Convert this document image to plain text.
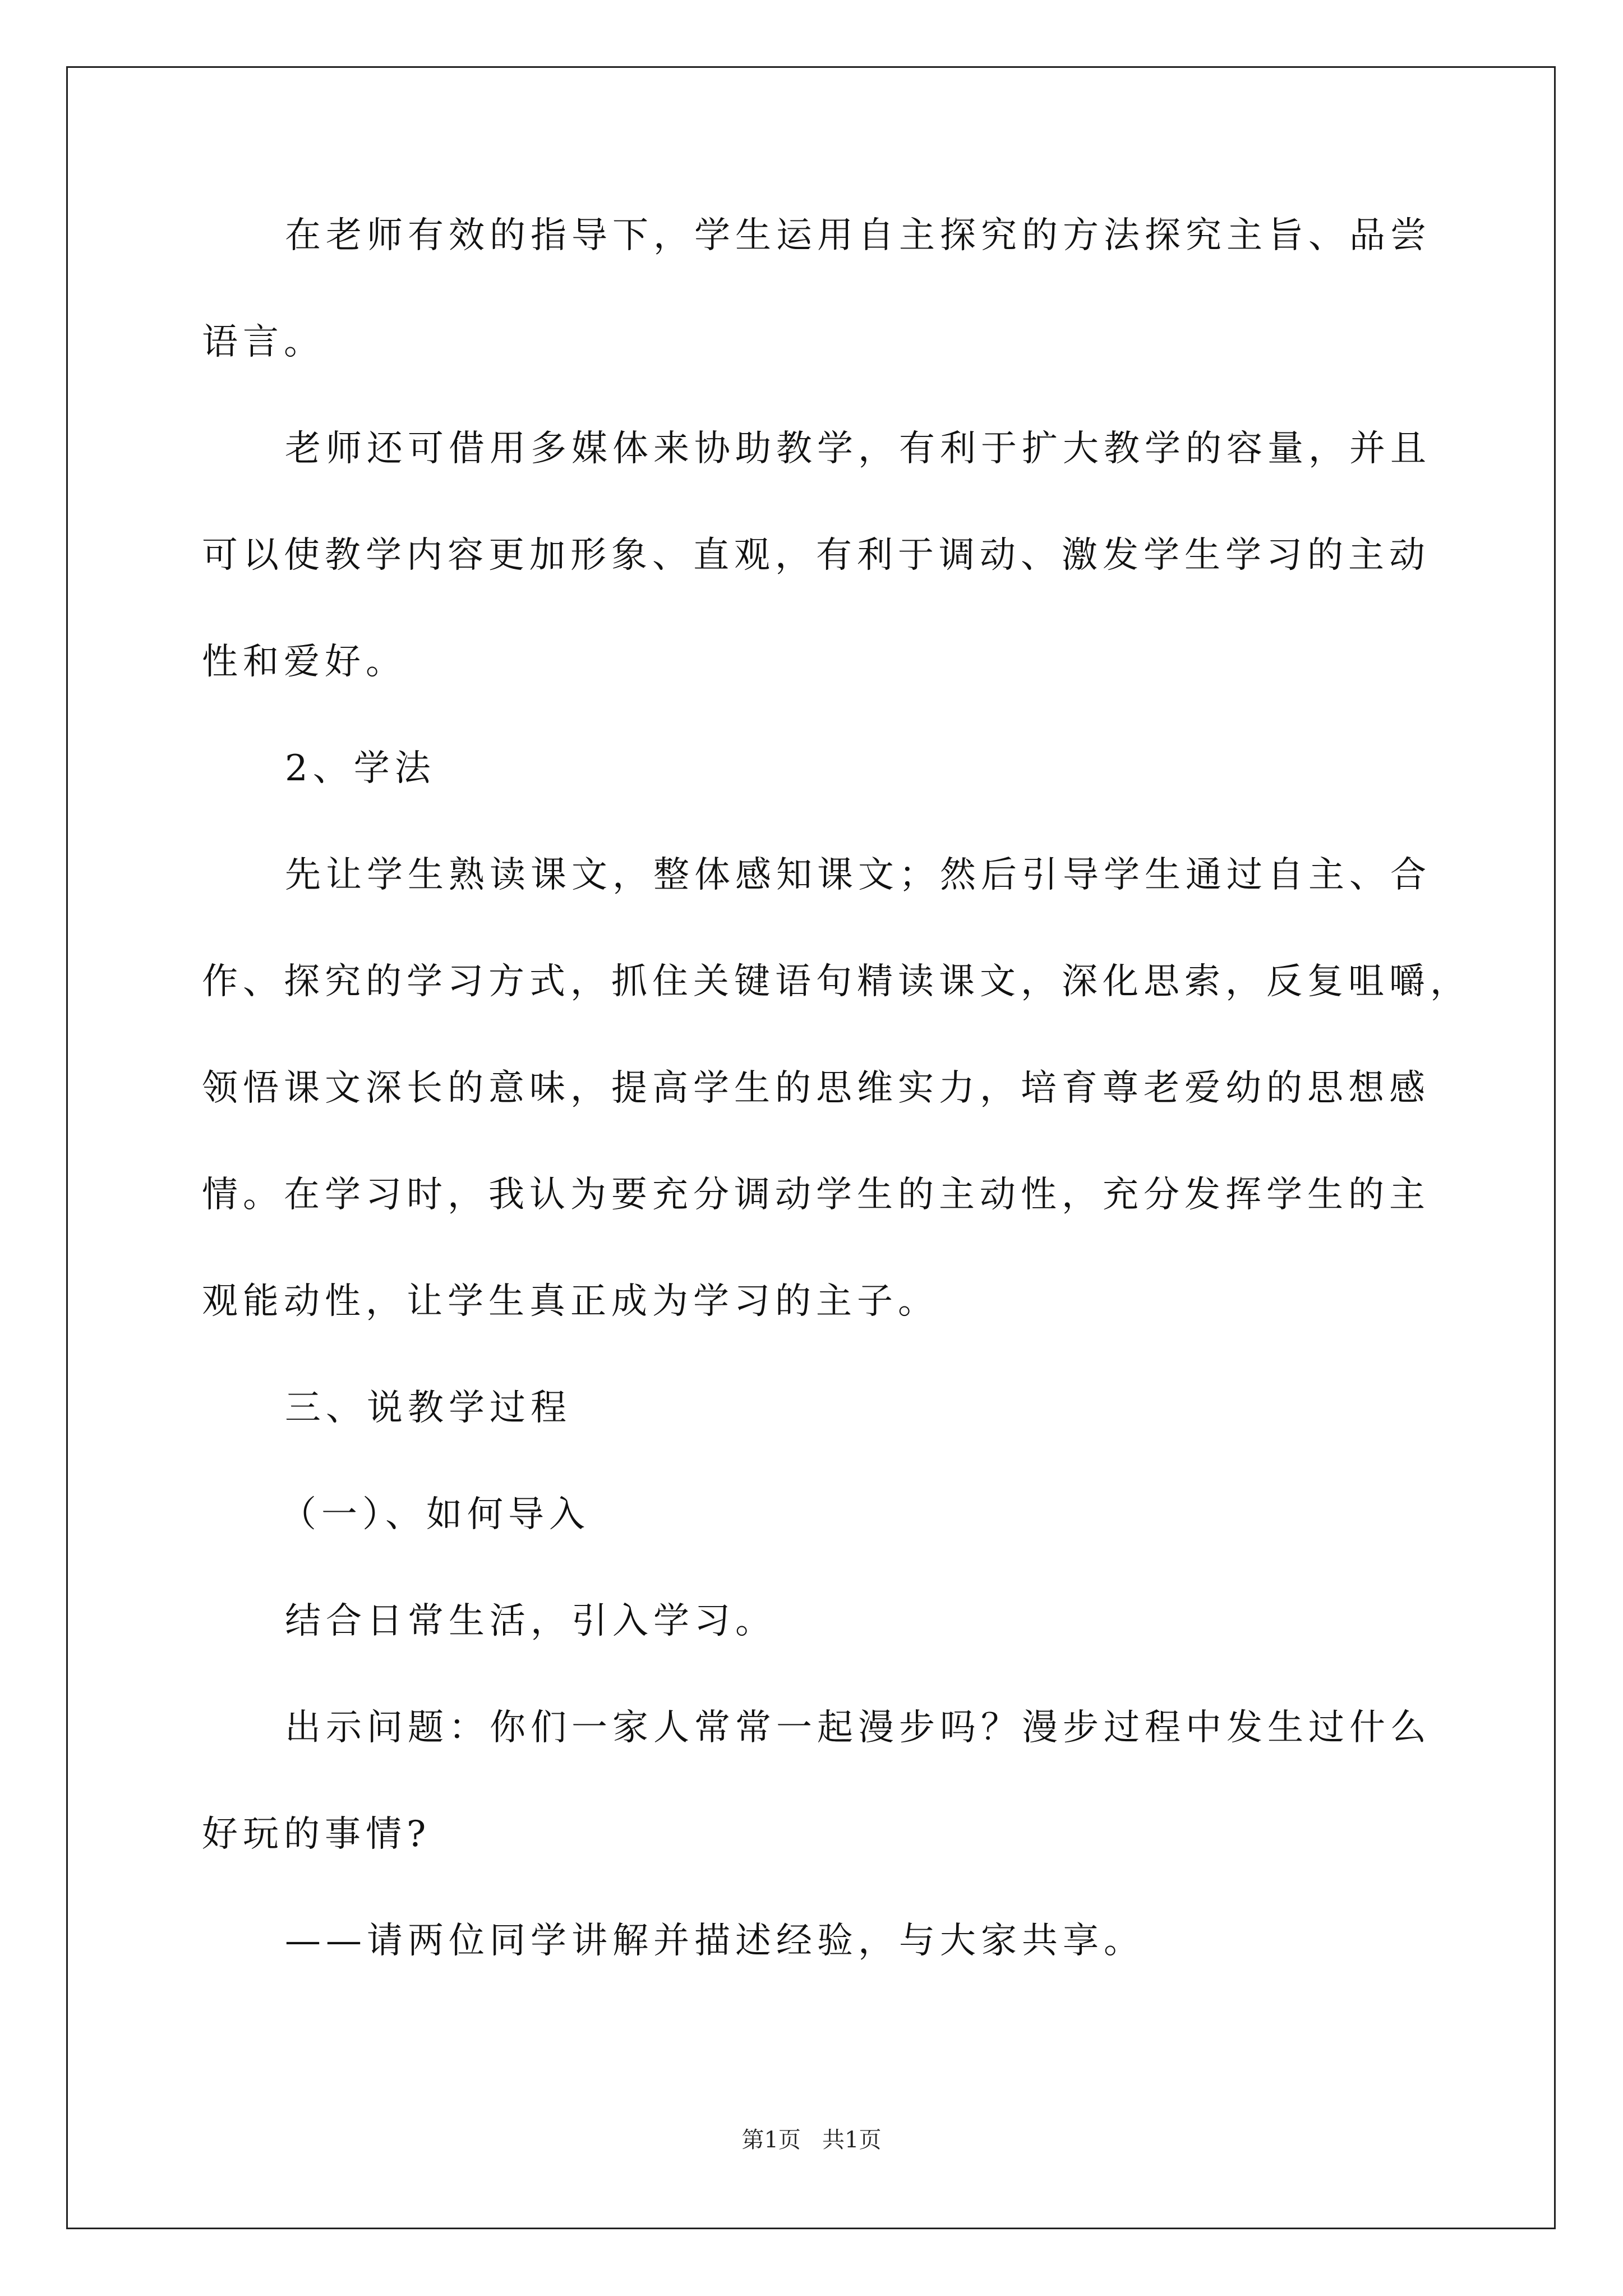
在老师有效的指导下，学生运用自主探究的方法探究主旨、品尝
语言。
老师还可借用多媒体来协助教学，有利于扩大教学的容量，并且
可以使教学内容更加形象、直观，有利于调动、激发学生学习的主动
性和爱好。
2、学法
先让学生熟读课文，整体感知课文；然后引导学生通过自主、合
作、探究的学习方式，抓住关键语句精读课文，深化思索，反复咀嚼，
领悟课文深长的意味，提高学生的思维实力，培育尊老爱幼的思想感
情。在学习时，我认为要充分调动学生的主动性，充分发挥学生的主
观能动性，让学生真正成为学习的主子。
三、说教学过程
（一）、如何导入
结合日常生活，引入学习。
出示问题：你们一家人常常一起漫步吗？漫步过程中发生过什么
好玩的事情?
——请两位同学讲解并描述经验，与大家共享。
第1页   共1页
